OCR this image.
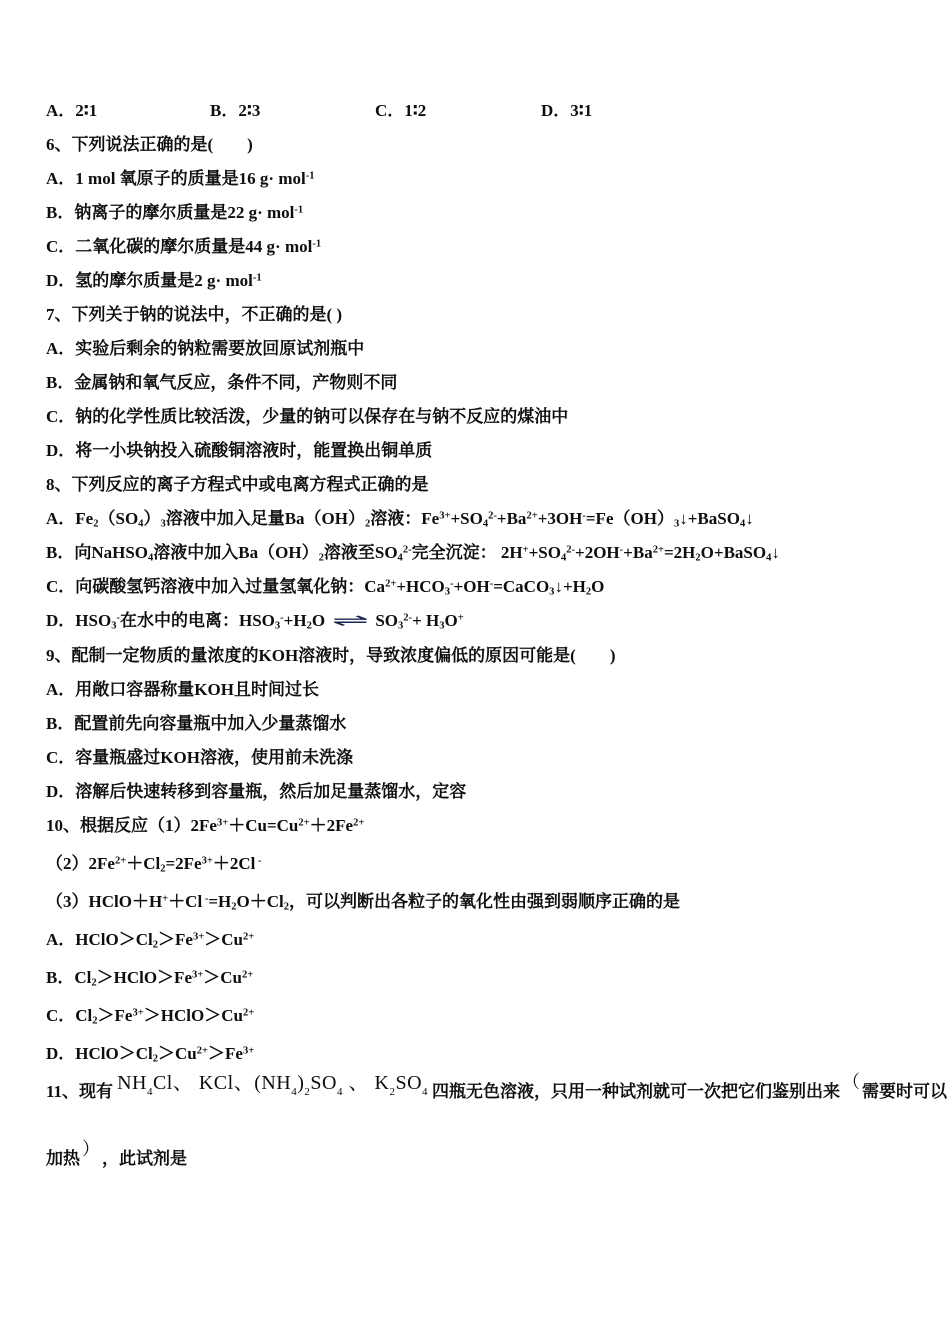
A．2∶1	B．2∶3	C．1∶2	D．3∶1
6、下列说法正确的是(　　)
A．1 mol 氧原子的质量是16 g· mol$^{-1}$
B．钠离子的摩尔质量是22 g· mol$^{-1}$
C．二氧化碳的摩尔质量是44 g· mol$^{-1}$
D．氢的摩尔质量是2 g· mol$^{-1}$
7、下列关于钠的说法中，不正确的是( )
A．实验后剩余的钠粒需要放回原试剂瓶中
B．金属钠和氧气反应，条件不同，产物则不同
C．钠的化学性质比较活泼，少量的钠可以保存在与钠不反应的煤油中
D．将一小块钠投入硫酸铜溶液时，能置换出铜单质
8、下列反应的离子方程式中或电离方程式正确的是
A．$Fe_2(SO_4)_3$溶液中加入足量$Ba(OH)_2$溶液：$Fe^{3+}+SO_4^{2-}+Ba^{2+}+3OH^-=Fe(OH)_3↓+BaSO_4↓$
B．向NaHSO$_4$溶液中加入$Ba(OH)_2$溶液至$SO_4^{2-}$完全沉淀： $2H^++SO_4^{2-}+2OH^-+Ba^{2+}=2H_2O+BaSO_4↓$
C．向碳酸氢钙溶液中加入过量氢氧化钠：$Ca^{2+}+HCO_3^-+OH^-=CaCO_3↓+H_2O$
D．$HSO_3^-$在水中的电离：$HSO_3^-+H_2O$ ⇌ $SO_3^{2-}+ H_3O^+$
9、配制一定物质的量浓度的KOH溶液时，导致浓度偏低的原因可能是(　　)
A．用敞口容器称量KOH且时间过长
B．配置前先向容量瓶中加入少量蒸馏水
C．容量瓶盛过KOH溶液，使用前未洗涤
D．溶解后快速转移到容量瓶，然后加足量蒸馏水，定容
10、根据反应$(1)2Fe^{3+}+Cu=Cu^{2+}+2Fe^{2+}$
$(2)2Fe^{2+}+Cl_2=2Fe^{3+}+2Cl$ -
（3）HClO＋H+＋Cl $^-=H_2O+Cl_2$，可以判断出各粒子的氧化性由强到弱顺序正确的是
A．$HClO>Cl_2>Fe^{3+}>Cu^{2+}$
B．$Cl_2>HClO>Fe^{3+}>Cu^{2+}$
C．$Cl_2>Fe^{3+}>HClO>Cu^{2+}$
D．$HClO>Cl_2>Cu^{2+}>Fe^{3+}$
11、现有 $NH_4Cl$、 KCl、$(NH_4)_2SO_4$ 、 $K_2SO_4$ 四瓶无色溶液，只用一种试剂就可一次把它们鉴别出来 （ 需要时可以
加热 ） ，此试剂是
